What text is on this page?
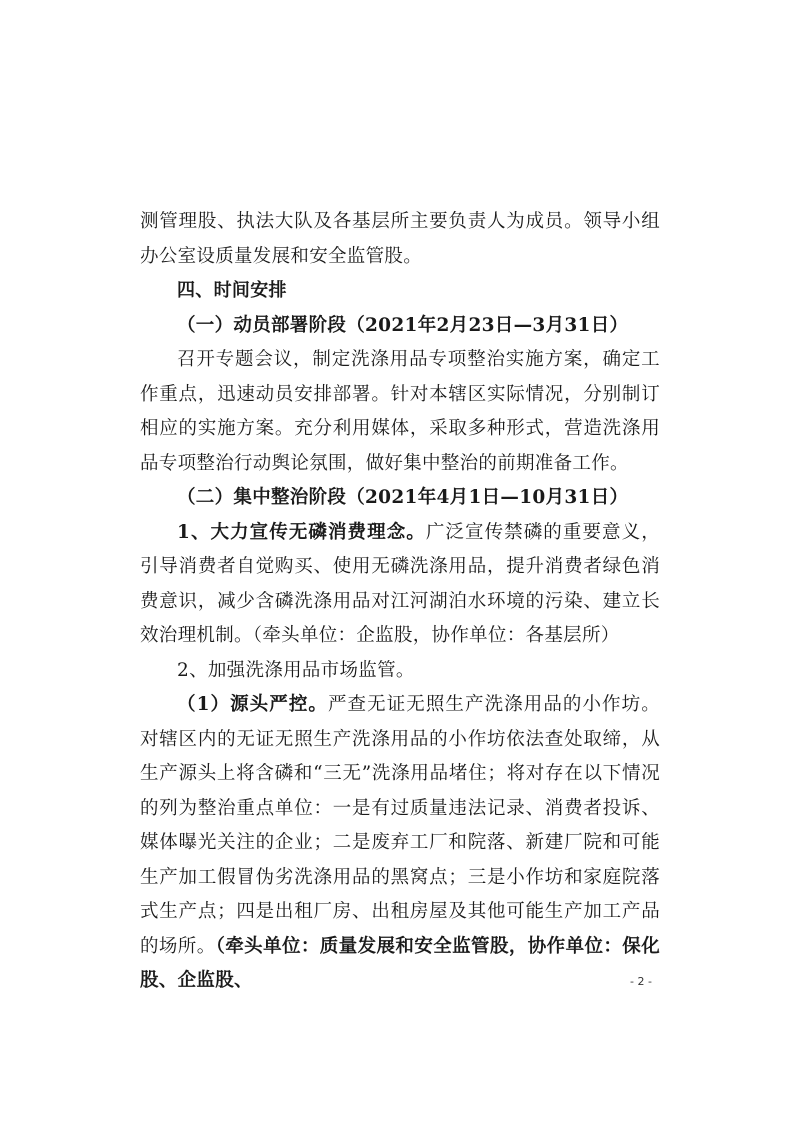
测管理股、执法大队及各基层所主要负责人为成员。领导小组办公室设质量发展和安全监管股。

四、时间安排

（一）动员部署阶段（2021年2月23日—3月31日）

召开专题会议，制定洗涤用品专项整治实施方案，确定工作重点，迅速动员安排部署。针对本辖区实际情况，分别制订相应的实施方案。充分利用媒体，采取多种形式，营造洗涤用品专项整治行动舆论氛围，做好集中整治的前期准备工作。

（二）集中整治阶段（2021年4月1日—10月31日）

1、大力宣传无磷消费理念。广泛宣传禁磷的重要意义，引导消费者自觉购买、使用无磷洗涤用品，提升消费者绿色消费意识，减少含磷洗涤用品对江河湖泊水环境的污染、建立长效治理机制。（牵头单位：企监股，协作单位：各基层所）

2、加强洗涤用品市场监管。

（1）源头严控。严查无证无照生产洗涤用品的小作坊。对辖区内的无证无照生产洗涤用品的小作坊依法查处取缔，从生产源头上将含磷和“三无”洗涤用品堵住；将对存在以下情况的列为整治重点单位：一是有过质量违法记录、消费者投诉、媒体曝光关注的企业；二是废弃工厂和院落、新建厂院和可能生产加工假冒伪劣洗涤用品的黑窝点；三是小作坊和家庭院落式生产点；四是出租厂房、出租房屋及其他可能生产加工产品的场所。（牵头单位：质量发展和安全监管股，协作单位：保化股、企监股、	- 2 -
